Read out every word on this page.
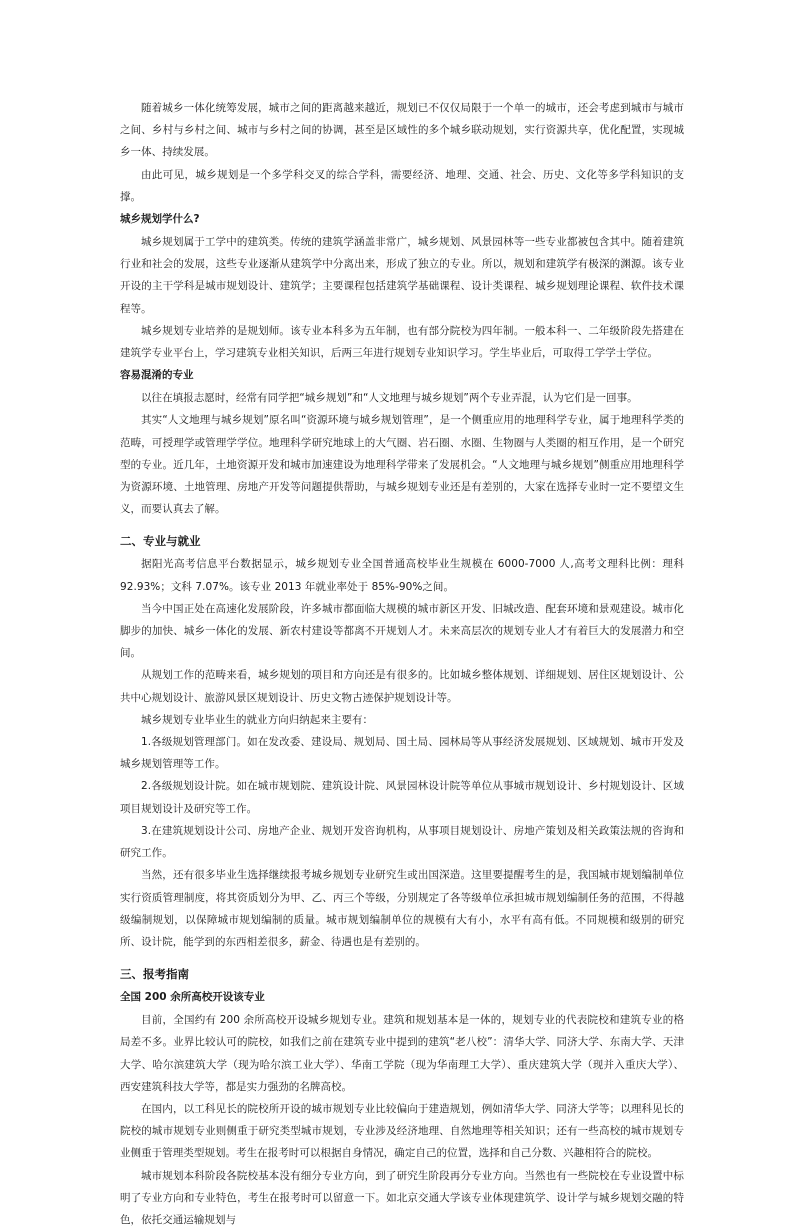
随着城乡一体化统筹发展，城市之间的距离越来越近，规划已不仅仅局限于一个单一的城市，还会考虑到城市与城市之间、乡村与乡村之间、城市与乡村之间的协调，甚至是区域性的多个城乡联动规划，实行资源共享，优化配置，实现城乡一体、持续发展。

由此可见，城乡规划是一个多学科交叉的综合学科，需要经济、地理、交通、社会、历史、文化等多学科知识的支撑。

城乡规划学什么?

城乡规划属于工学中的建筑类。传统的建筑学涵盖非常广，城乡规划、风景园林等一些专业都被包含其中。随着建筑行业和社会的发展，这些专业逐渐从建筑学中分离出来，形成了独立的专业。所以，规划和建筑学有极深的渊源。该专业开设的主干学科是城市规划设计、建筑学；主要课程包括建筑学基础课程、设计类课程、城乡规划理论课程、软件技术课程等。

城乡规划专业培养的是规划师。该专业本科多为五年制，也有部分院校为四年制。一般本科一、二年级阶段先搭建在建筑学专业平台上，学习建筑专业相关知识，后两三年进行规划专业知识学习。学生毕业后，可取得工学学士学位。

容易混淆的专业

以往在填报志愿时，经常有同学把“城乡规划”和“人文地理与城乡规划”两个专业弄混，认为它们是一回事。

其实“人文地理与城乡规划”原名叫“资源环境与城乡规划管理”，是一个侧重应用的地理科学专业，属于地理科学类的范畴，可授理学或管理学学位。地理科学研究地球上的大气圈、岩石圈、水圈、生物圈与人类圈的相互作用，是一个研究型的专业。近几年，土地资源开发和城市加速建设为地理科学带来了发展机会。“人文地理与城乡规划”侧重应用地理科学为资源环境、土地管理、房地产开发等问题提供帮助，与城乡规划专业还是有差别的，大家在选择专业时一定不要望文生义，而要认真去了解。

二、专业与就业

据阳光高考信息平台数据显示，城乡规划专业全国普通高校毕业生规模在 6000-7000 人,高考文理科比例：理科 92.93%；文科 7.07%。该专业 2013 年就业率处于 85%-90%之间。

当今中国正处在高速化发展阶段，许多城市都面临大规模的城市新区开发、旧城改造、配套环境和景观建设。城市化脚步的加快、城乡一体化的发展、新农村建设等都离不开规划人才。未来高层次的规划专业人才有着巨大的发展潜力和空间。

从规划工作的范畴来看，城乡规划的项目和方向还是有很多的。比如城乡整体规划、详细规划、居住区规划设计、公共中心规划设计、旅游风景区规划设计、历史文物古迹保护规划设计等。

城乡规划专业毕业生的就业方向归纳起来主要有：

1.各级规划管理部门。如在发改委、建设局、规划局、国土局、园林局等从事经济发展规划、区域规划、城市开发及城乡规划管理等工作。

2.各级规划设计院。如在城市规划院、建筑设计院、风景园林设计院等单位从事城市规划设计、乡村规划设计、区域项目规划设计及研究等工作。

3.在建筑规划设计公司、房地产企业、规划开发咨询机构，从事项目规划设计、房地产策划及相关政策法规的咨询和研究工作。

当然，还有很多毕业生选择继续报考城乡规划专业研究生或出国深造。这里要提醒考生的是，我国城市规划编制单位实行资质管理制度，将其资质划分为甲、乙、丙三个等级，分别规定了各等级单位承担城市规划编制任务的范围，不得越级编制规划，以保障城市规划编制的质量。城市规划编制单位的规模有大有小，水平有高有低。不同规模和级别的研究所、设计院，能学到的东西相差很多，薪金、待遇也是有差别的。

三、报考指南
全国 200 余所高校开设该专业

目前，全国约有 200 余所高校开设城乡规划专业。建筑和规划基本是一体的，规划专业的代表院校和建筑专业的格局差不多。业界比较认可的院校，如我们之前在建筑专业中提到的建筑“老八校”：清华大学、同济大学、东南大学、天津大学、哈尔滨建筑大学（现为哈尔滨工业大学）、华南工学院（现为华南理工大学）、重庆建筑大学（现并入重庆大学）、西安建筑科技大学等，都是实力强劲的名牌高校。

在国内，以工科见长的院校所开设的城市规划专业比较偏向于建造规划，例如清华大学、同济大学等；以理科见长的院校的城市规划专业则侧重于研究类型城市规划，专业涉及经济地理、自然地理等相关知识；还有一些高校的城市规划专业侧重于管理类型规划。考生在报考时可以根据自身情况，确定自己的位置，选择和自己分数、兴趣相符合的院校。

城市规划本科阶段各院校基本没有细分专业方向，到了研究生阶段再分专业方向。当然也有一些院校在专业设置中标明了专业方向和专业特色，考生在报考时可以留意一下。如北京交通大学该专业体现建筑学、设计学与城乡规划交融的特色，依托交通运输规划与
